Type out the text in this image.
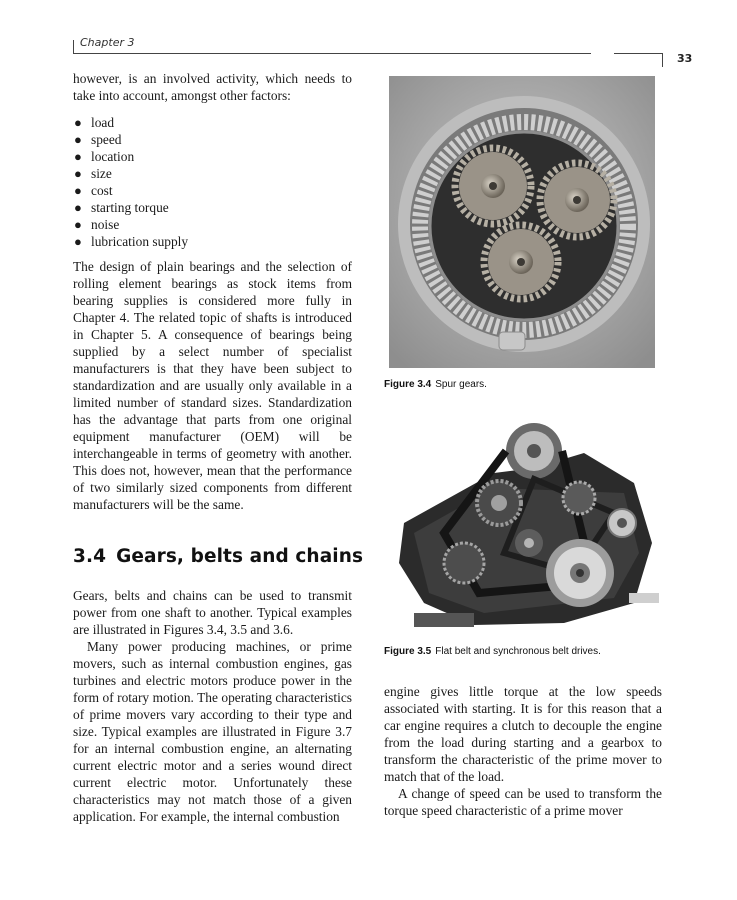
Chapter 3
33

however, is an involved activity, which needs to take into account, amongst other factors:

● load
● speed
● location
● size
● cost
● starting torque
● noise
● lubrication supply

The design of plain bearings and the selection of rolling element bearings as stock items from bearing supplies is considered more fully in Chapter 4. The related topic of shafts is introduced in Chapter 5. A consequence of bearings being supplied by a select number of specialist manufacturers is that they have been subject to standardization and are usually only available in a limited number of standard sizes. Standardization has the advantage that parts from one original equipment manufacturer (OEM) will be interchangeable in terms of geometry with another. This does not, however, mean that the performance of two similarly sized components from different manufacturers will be the same.

3.4 Gears, belts and chains

Gears, belts and chains can be used to transmit power from one shaft to another. Typical examples are illustrated in Figures 3.4, 3.5 and 3.6.

Many power producing machines, or prime movers, such as internal combustion engines, gas turbines and electric motors produce power in the form of rotary motion. The operating characteristics of prime movers vary according to their type and size. Typical examples are illustrated in Figure 3.7 for an internal combustion engine, an alternating current electric motor and a series wound direct current electric motor. Unfortunately these characteristics may not match those of a given application. For example, the internal combustion

engine gives little torque at the low speeds associated with starting. It is for this reason that a car engine requires a clutch to decouple the engine from the load during starting and a gearbox to transform the characteristic of the prime mover to match that of the load.

A change of speed can be used to transform the torque speed characteristic of a prime mover

Figure 3.4 Spur gears.
Figure 3.5 Flat belt and synchronous belt drives.
